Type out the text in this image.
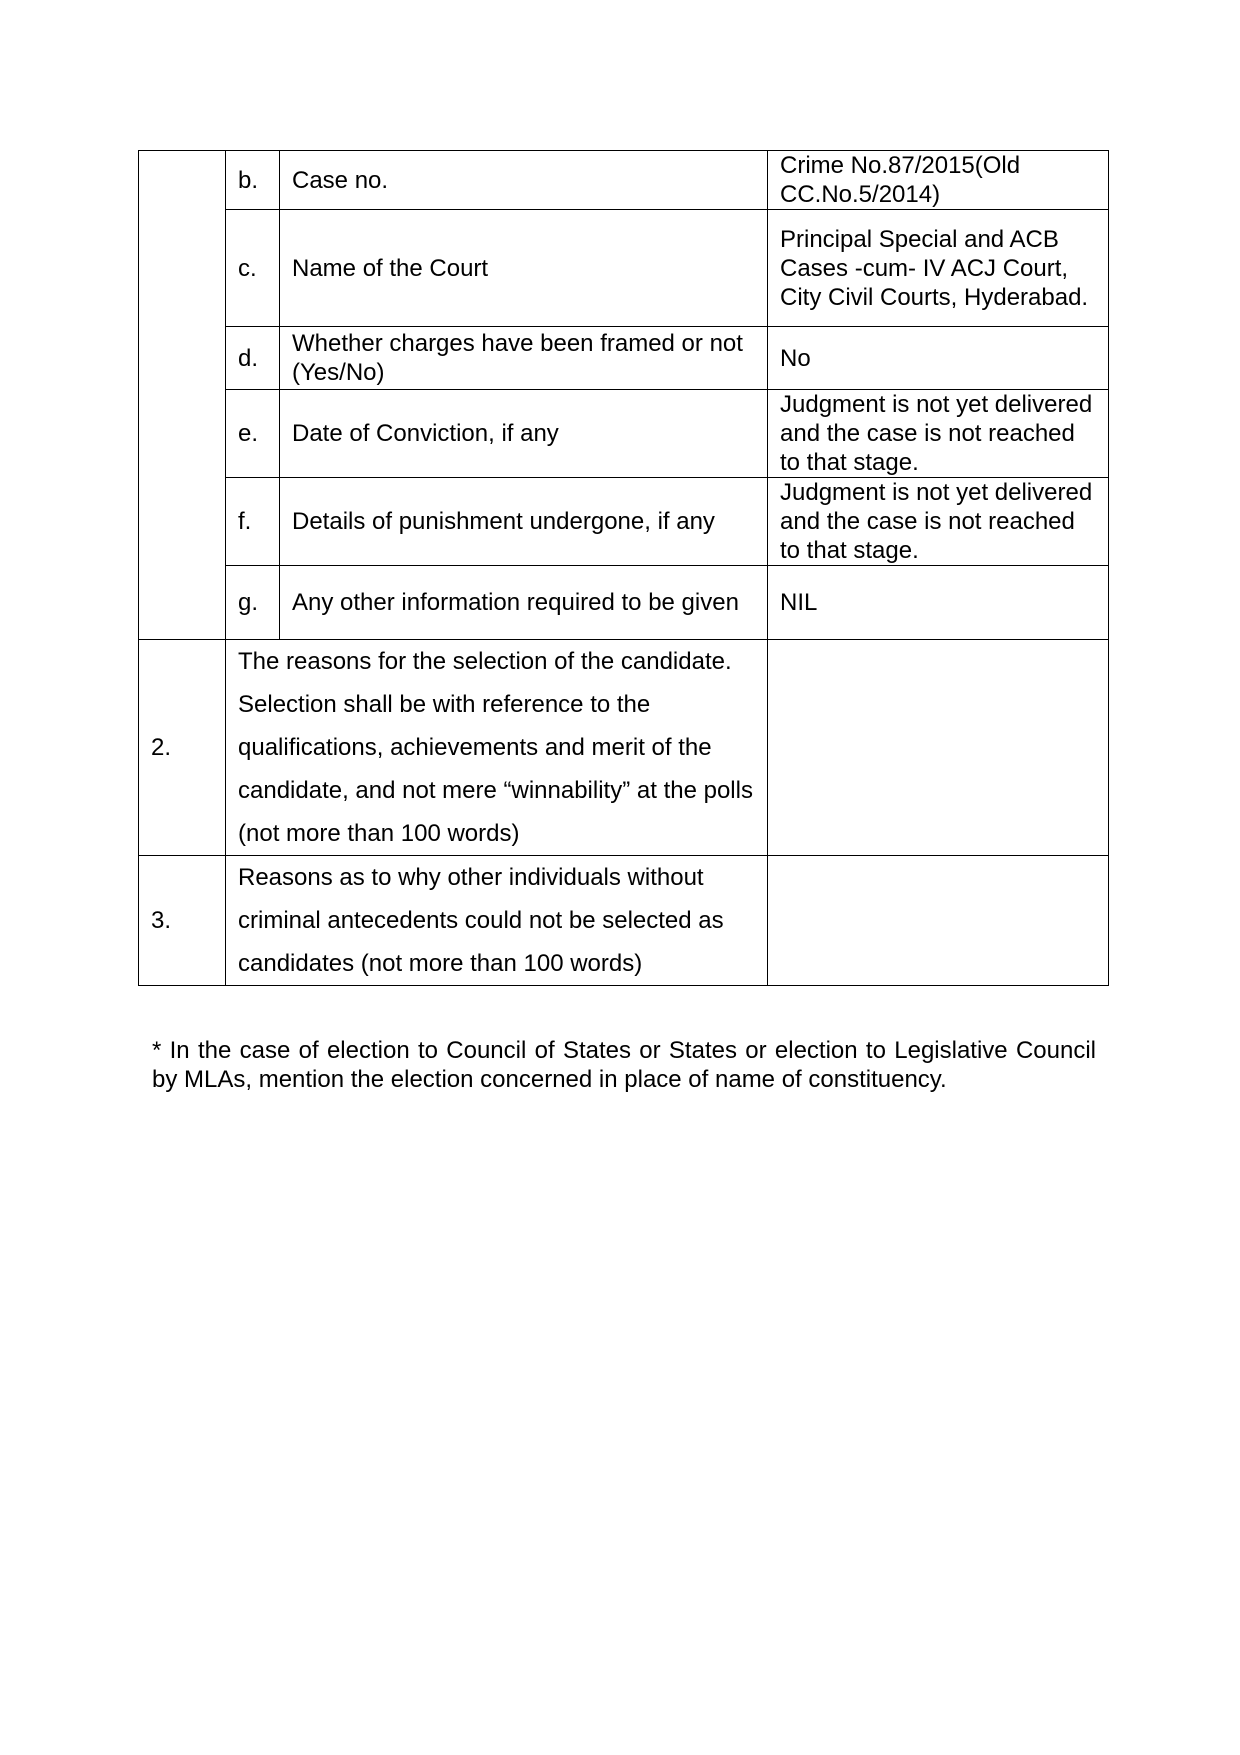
	b.	Case no.	Crime No.87/2015(Old CC.No.5/2014)
	c.	Name of the Court	Principal Special and ACB Cases -cum- IV ACJ Court, City Civil Courts, Hyderabad.
	d.	Whether charges have been framed or not (Yes/No)	No
	e.	Date of Conviction, if any	Judgment is not yet delivered and the case is not reached to that stage.
	f.	Details of punishment undergone, if any	Judgment is not yet delivered and the case is not reached to that stage.
	g.	Any other information required to be given	NIL
2.	The reasons for the selection of the candidate. Selection shall be with reference to the qualifications, achievements and merit of the candidate, and not mere “winnability” at the polls (not more than 100 words)		
3.	Reasons as to why other individuals without criminal antecedents could not be selected as candidates (not more than 100 words)		

* In the case of election to Council of States or States or election to Legislative Council by MLAs, mention the election concerned in place of name of constituency.
